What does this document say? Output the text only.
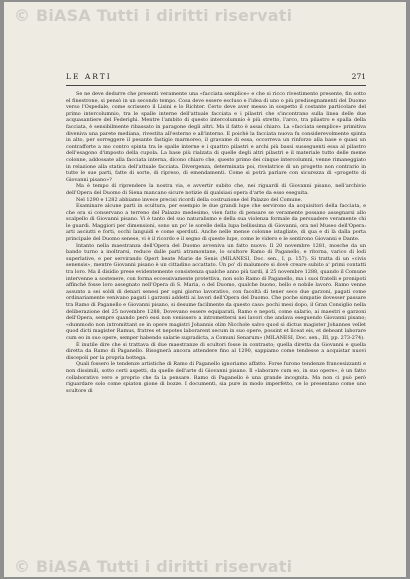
© BiASA Tutti i diritti riservati
LE ARTI	271

Se ne deve dedurre che presenti veramente una «facciata semplice» e che si ricco rivestimento presente, fin sotto el finestrone, si pensò in un secondo tempo. Cosa deve essere escluso e l'idea di uno o più predisegnamenti del Duomo verso l'Ospedale, come scrissero il Lisini e lo Richter. Certo deve aver messo in sospetto il costante particolare del primo intercolumnio, tra le spalle interne dell'attuale facciata e i pilastri che s'incontrano sulla linea delle due acquasantiere del Federighi. Mentre l'ambito di questo intercolumnio è più stretto, l'arco, tra pilastro e spalla della facciata, è sensibilmente ribassato in paragone degli altri. Ma il fatto è assai chiaro. La «facciata semplice» primitiva diveniva una parete mediana, rivestita all'esterno e all'interno. E poichè la facciata nuova fu considerevolmente spinta in alto, per sorreggere il pesante fastigio marmoreo, il gravame di essa, occorreva un rinforzo alla base e quasi un contrafforte a mo contro spinta tra le spalle interne e i quattro pilastri e archi più bassi susseguenti essa al pilastro dell'esagono d'imposto della cupola. La base più rialzata di quelle degli altri pilastri e il materiale tutto delle meme colonne, addossate alla facciata interna, dicono chiaro che, questo primo dei cinque intercolumni, venne rimaneggiato in relazione alla statica dell'attuale facciata. Divergenza, determinata poi, rivelatrice di un progetto non contrario in tutte le sue parti, fatte di sorte, di ripreso, di emendamenti. Come si potrà parlare con sicurezza di «progetto di Giovanni pisano»?

Ma è tempo di riprendere la nostra via, e avvertir subito che, nei riguardi di Giovanni pisano, nell'archivio dell'Opera del Duomo di Siena mancano sicure notizie di qualsiasi opera d'arte da esso eseguita.

Nel 1290 e 1282 abbiamo invece precisi ricordi della costruzione del Palazzo del Comune.

Esaminare alcune parti in scultura, per esempio le due grandi lupe che servirono da acquisitori della facciata, e che ora si conservano a terreno del Palazzo medesimo, vien fatto di pensare se veramente possano assegnarsi allo scalpello di Giovanni pisano. Vi è tanto del suo naturalismo e della sua violenza formale da persuadere veramente chi le guardi. Maggiori per dimensioni, sono un po' le sorelle della lupa bellissima di Giovanni, ora nel Museo dell'Opera: arti asciutti e forti, occhi languidi e come sperduti. Anche nelle mense colonne istagliate, di qua e di là dalla porta principale del Duomo senese, vi è il ricordo e il segno di queste lupe, come le videro e le sentirono Giovanni e Dante.

Intanto nella maestranza dell'Opera del Duomo avveniva un fatto nuovo. Il 20 novembre 1281, mosche da un bando turno a inoltrarsi, reduce dalle parti atramontane, lo scultore Ramo di Paganello, e ritorna, varico di lodi superlative, e per servirando Opert beate Marie de Senis (MILANESI, Doc. sen., I, p. 157). Si tratta di un «civis senensis», mentre Giovanni pisano è un cittadino accattato. Un po' di malumore si dovè creare subito a' primi contatti tra loro. Ma il disidio prese evidentemente consistenza qualche anno più tardi, il 25 novembre 1288, quando il Comune intervenne a sostenere, con forma eccessivamente protettiva, non solo Ramo di Paganello, ma i suoi fratelli e pronipoti affinché fosse loro assegnato nell'Opera di S. Maria, o del Duomo, qualche buono, bello e nobile lavoro. Ramo venne assunto a sei soldi di denari senesi per ogni giorno lavorativo, con facoltà di tener seco due garzoni, pagati come ordinariamente venivano pagati i garzoni addetti ai lavori dell'Opera del Duomo. Che poche simpatie dovesser passare tra Ramo di Paganello e Giovanni pisano, si desume facilmente da questo caso: pochi mesi dopo, il Gran Consiglio nella deliberazione del 25 novembre 1288, Dovevano essere equiparati, Ramo e nepoti, come salario, ai maestri e garzoni dell'Opera, sempre quando però essi non venissero a intromettersi nei lavori che andava eseguendo Giovanni pisano; «dummodo non intromittant se in opere magistri Johannis olim Nicchole salvo quod si dictus magister Johannes vellet quod dicti magister Ramus, fratres et nepotes laborarent secum in suo opere, possint et liceat eis, et debeant laborare cum eo in suo opere, semper habendo salarie supradicta, a Comuni Senarum» (MILANESI, Doc. sen., III, pp. 273-274).

È inutile dire che si trattava di due maestranze di scultori fosse in contrasto; quella diretta da Giovanni e quella diretta da Ramo di Paganello. Bisognerà ancora attendere fino al 1290, sappiamo come tendesse a acquistar nuovi discepoli per la propria bottega.

Quali fossero le tendenze artistiche di Ramo di Paganello ignoriamo affatto. Forse furono tendenze francesizzanti e non dissimili, sotto certi aspetti, da quelle dell'arte di Giovanni pisano. Il «laborare cum eo, in suo opere», è un fatto collaborativo vero e proprio che fa la pensare. Ramo di Paganello è una grande incognita. Ma non ci può però riguardare solo come spiaton gione di bozze. I documenti, sia pure in modo imperfetto, ce lo presentano come uno scultore di

© BiASA Tutti i diritti riservati
